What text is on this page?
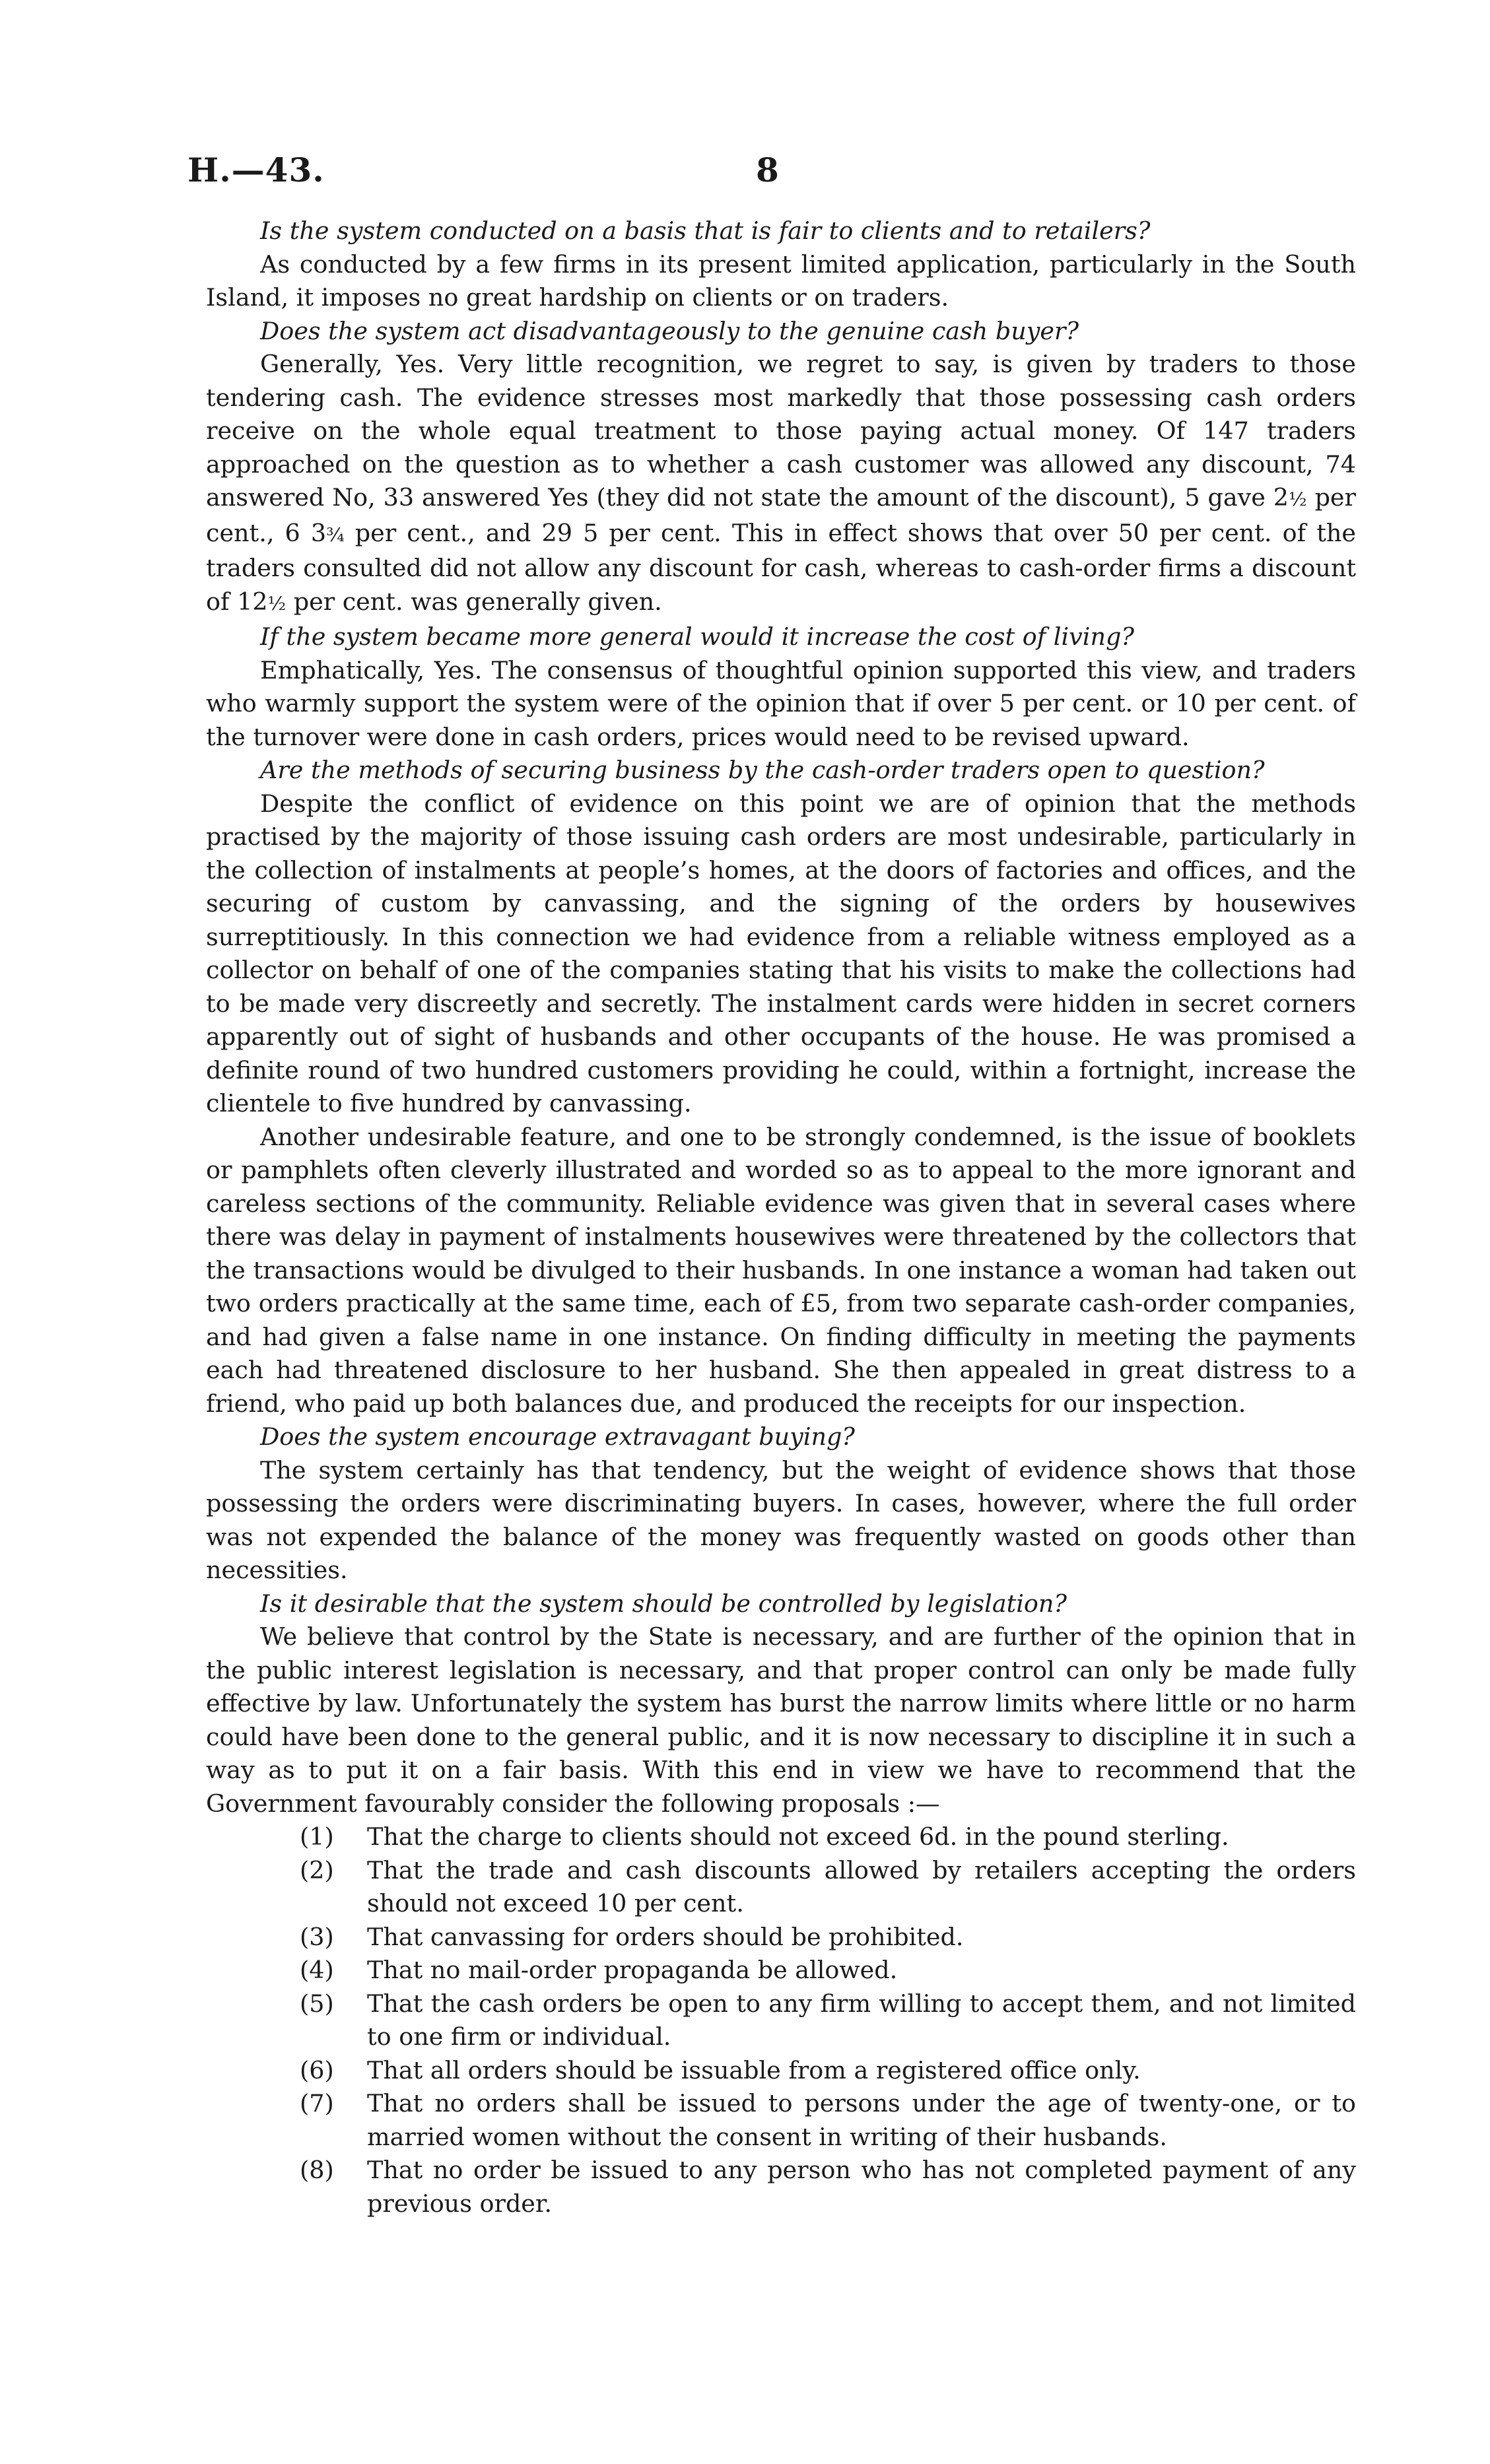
H.—43.	8

Is the system conducted on a basis that is fair to clients and to retailers?

As conducted by a few firms in its present limited application, particularly in the South Island, it imposes no great hardship on clients or on traders.

Does the system act disadvantageously to the genuine cash buyer?

Generally, Yes. Very little recognition, we regret to say, is given by traders to those tendering cash. The evidence stresses most markedly that those possessing cash orders receive on the whole equal treatment to those paying actual money. Of 147 traders approached on the question as to whether a cash customer was allowed any discount, 74 answered No, 33 answered Yes (they did not state the amount of the discount), 5 gave 2½ per cent., 6 3¾ per cent., and 29 5 per cent. This in effect shows that over 50 per cent. of the traders consulted did not allow any discount for cash, whereas to cash-order firms a discount of 12½ per cent. was generally given.

If the system became more general would it increase the cost of living?

Emphatically, Yes. The consensus of thoughtful opinion supported this view, and traders who warmly support the system were of the opinion that if over 5 per cent. or 10 per cent. of the turnover were done in cash orders, prices would need to be revised upward.

Are the methods of securing business by the cash-order traders open to question?

Despite the conflict of evidence on this point we are of opinion that the methods practised by the majority of those issuing cash orders are most undesirable, particularly in the collection of instalments at people’s homes, at the doors of factories and offices, and the securing of custom by canvassing, and the signing of the orders by housewives surreptitiously. In this connection we had evidence from a reliable witness employed as a collector on behalf of one of the companies stating that his visits to make the collections had to be made very discreetly and secretly. The instalment cards were hidden in secret corners apparently out of sight of husbands and other occupants of the house. He was promised a definite round of two hundred customers providing he could, within a fortnight, increase the clientele to five hundred by canvassing.

Another undesirable feature, and one to be strongly condemned, is the issue of booklets or pamphlets often cleverly illustrated and worded so as to appeal to the more ignorant and careless sections of the community. Reliable evidence was given that in several cases where there was delay in payment of instalments housewives were threatened by the collectors that the transactions would be divulged to their husbands. In one instance a woman had taken out two orders practically at the same time, each of £5, from two separate cash-order companies, and had given a false name in one instance. On finding difficulty in meeting the payments each had threatened disclosure to her husband. She then appealed in great distress to a friend, who paid up both balances due, and produced the receipts for our inspection.

Does the system encourage extravagant buying?

The system certainly has that tendency, but the weight of evidence shows that those possessing the orders were discriminating buyers. In cases, however, where the full order was not expended the balance of the money was frequently wasted on goods other than necessities.

Is it desirable that the system should be controlled by legislation?

We believe that control by the State is necessary, and are further of the opinion that in the public interest legislation is necessary, and that proper control can only be made fully effective by law. Unfortunately the system has burst the narrow limits where little or no harm could have been done to the general public, and it is now necessary to discipline it in such a way as to put it on a fair basis. With this end in view we have to recommend that the Government favourably consider the following proposals :—

(1) That the charge to clients should not exceed 6d. in the pound sterling.
(2) That the trade and cash discounts allowed by retailers accepting the orders should not exceed 10 per cent.
(3) That canvassing for orders should be prohibited.
(4) That no mail-order propaganda be allowed.
(5) That the cash orders be open to any firm willing to accept them, and not limited to one firm or individual.
(6) That all orders should be issuable from a registered office only.
(7) That no orders shall be issued to persons under the age of twenty-one, or to married women without the consent in writing of their husbands.
(8) That no order be issued to any person who has not completed payment of any previous order.
